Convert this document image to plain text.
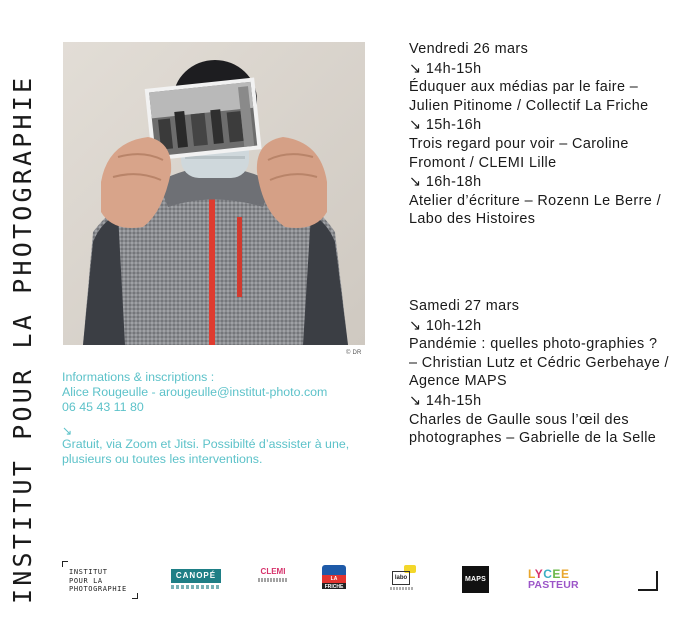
INSTITUT POUR LA PHOTOGRAPHIE	© DR
Informations & inscriptions :
Alice Rougeulle - arougeulle@institut-photo.com
06 45 43 11 80
↘
Gratuit, via Zoom et Jitsi. Possibilté d’assister à une, plusieurs ou toutes les interventions.
Vendredi 26 mars
↘ 14h-15h
Éduquer aux médias par le faire – Julien Pitinome / Collectif La Friche
↘ 15h-16h
Trois regard pour voir – Caroline Fromont / CLEMI Lille
↘ 16h-18h
Atelier d’écriture – Rozenn Le Berre / Labo des Histoires
Samedi 27 mars
↘ 10h-12h
Pandémie : quelles photo-graphies ? – Christian Lutz et Cédric Gerbehaye / Agence MAPS
↘ 14h-15h
Charles de Gaulle sous l’œil des photographes – Gabrielle de la Selle
INSTITUT
POUR LA
PHOTOGRAPHIE
CANOPÉ	CLEMI
LA FRICHE
labo	MAPS	LYCEE
PASTEUR
